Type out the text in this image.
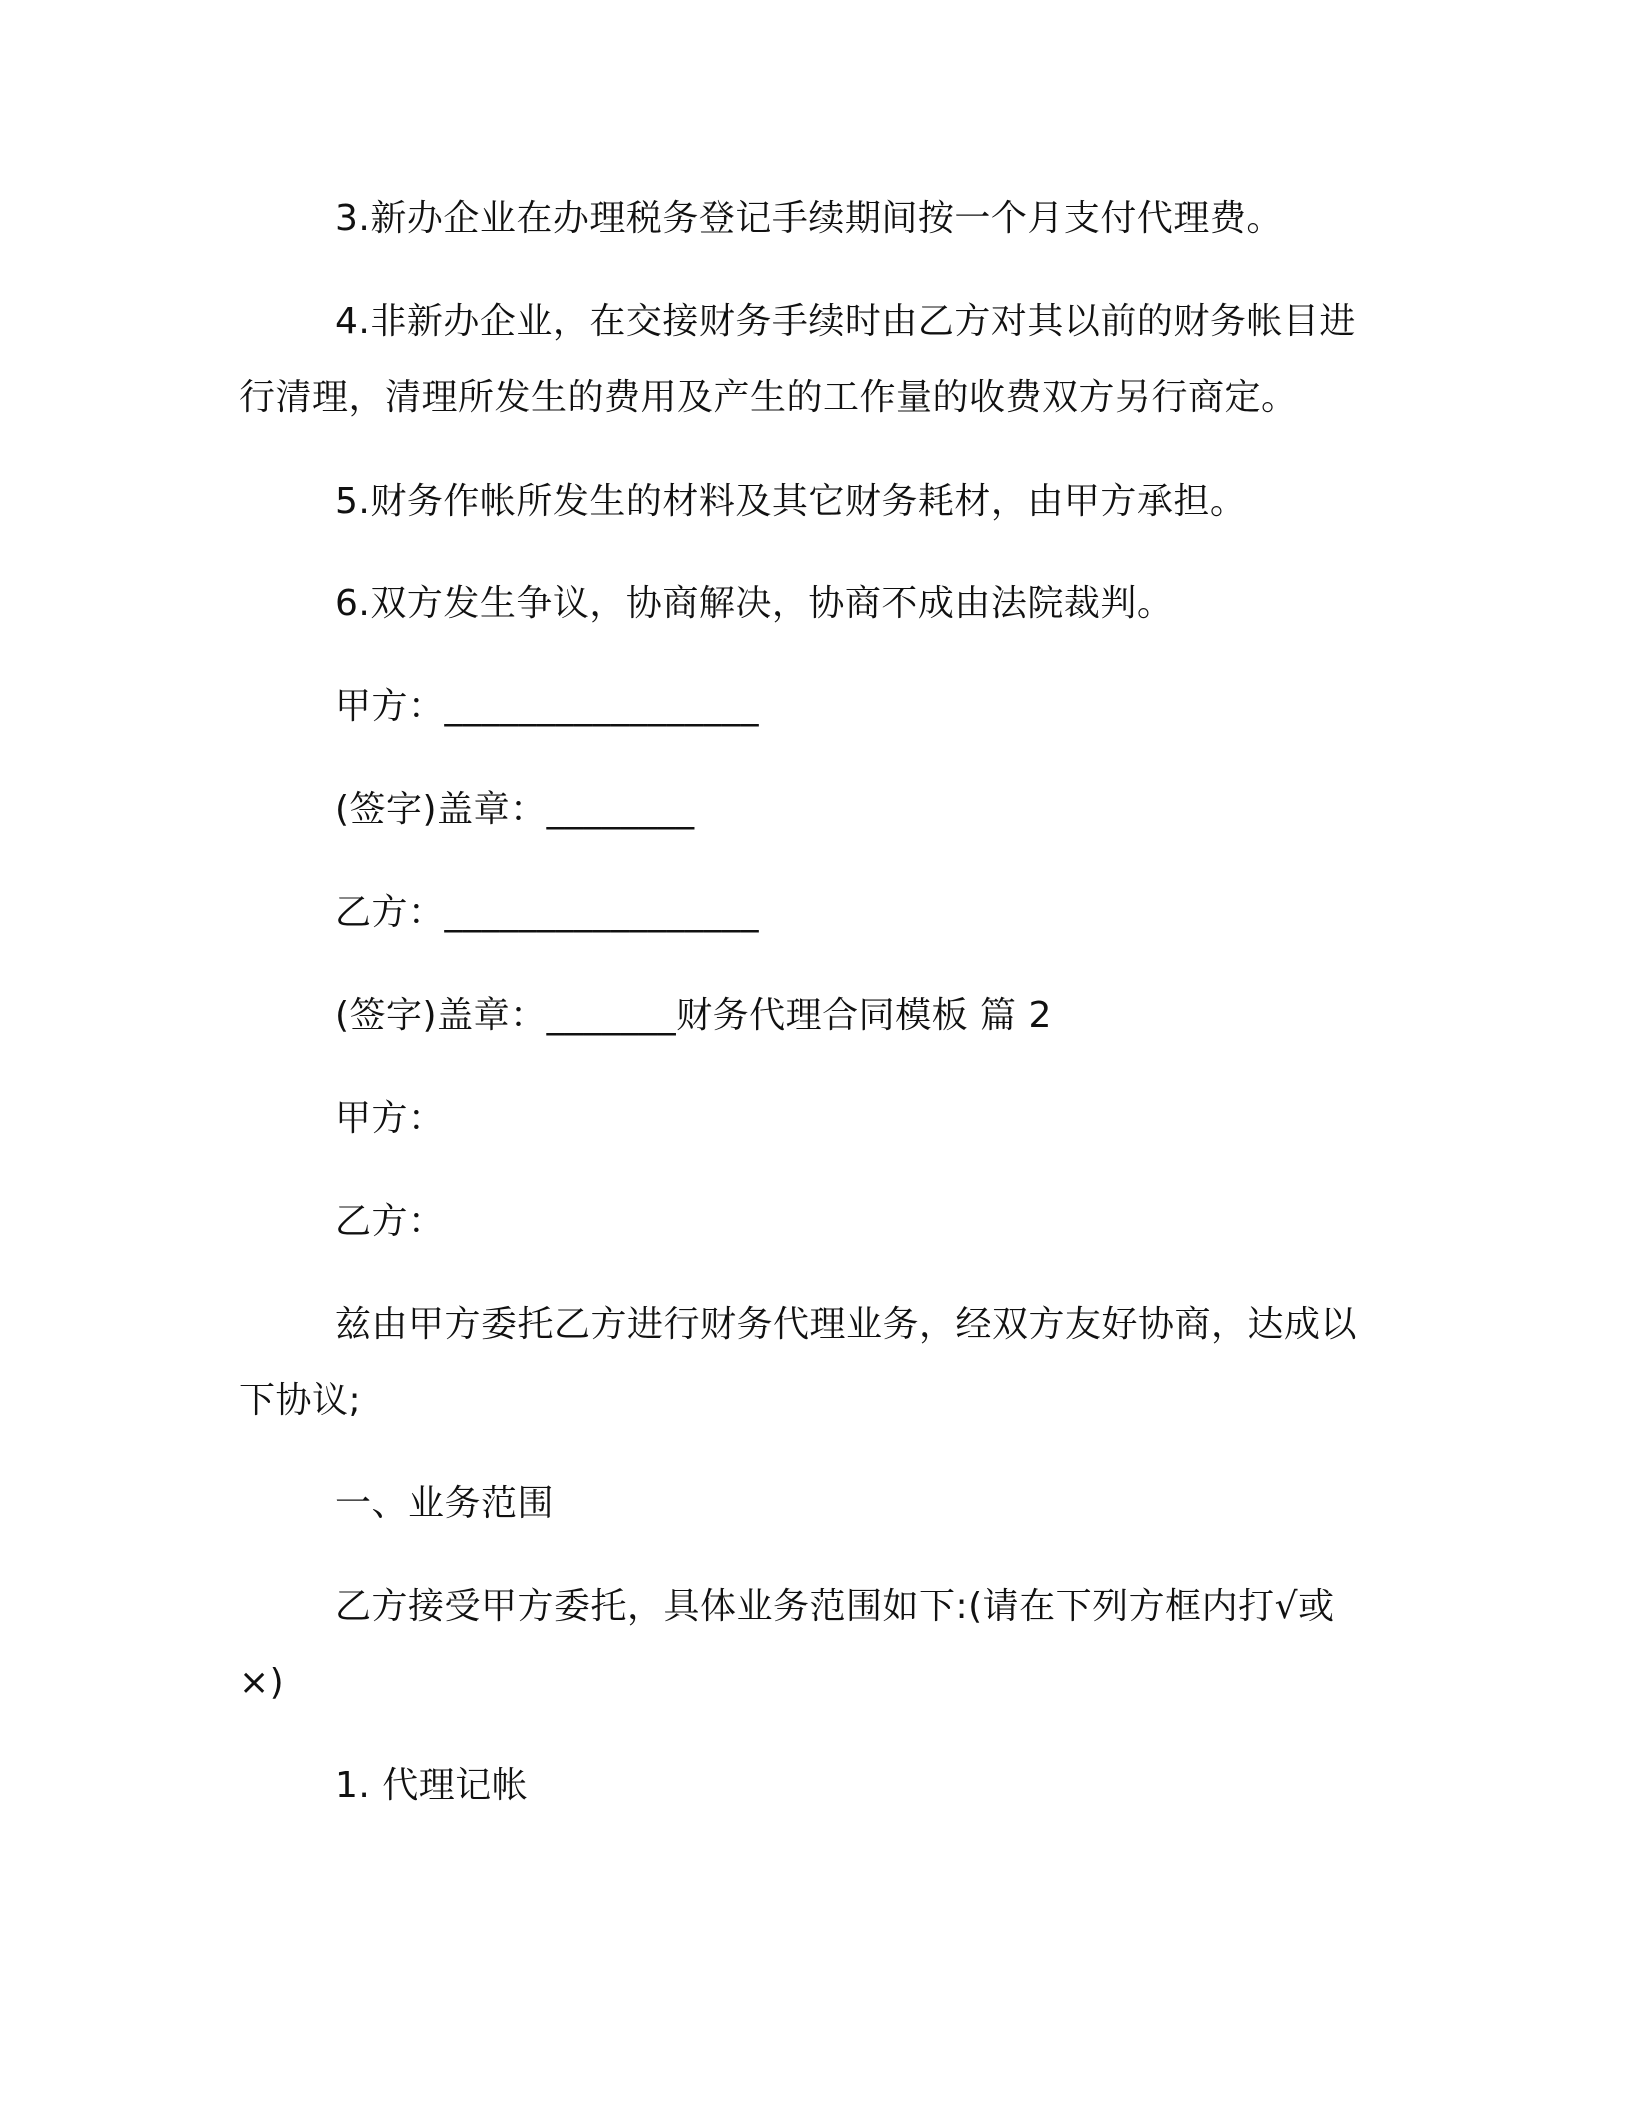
3.新办企业在办理税务登记手续期间按一个月支付代理费。

4.非新办企业，在交接财务手续时由乙方对其以前的财务帐目进行清理，清理所发生的费用及产生的工作量的收费双方另行商定。

5.财务作帐所发生的材料及其它财务耗材，由甲方承担。

6.双方发生争议，协商解决，协商不成由法院裁判。

甲方：_________________

(签字)盖章：________

乙方：_________________

(签字)盖章：_______财务代理合同模板 篇 2

甲方：

乙方：

兹由甲方委托乙方进行财务代理业务，经双方友好协商，达成以下协议;

一、业务范围

乙方接受甲方委托，具体业务范围如下:(请在下列方框内打√或×)

1. 代理记帐
